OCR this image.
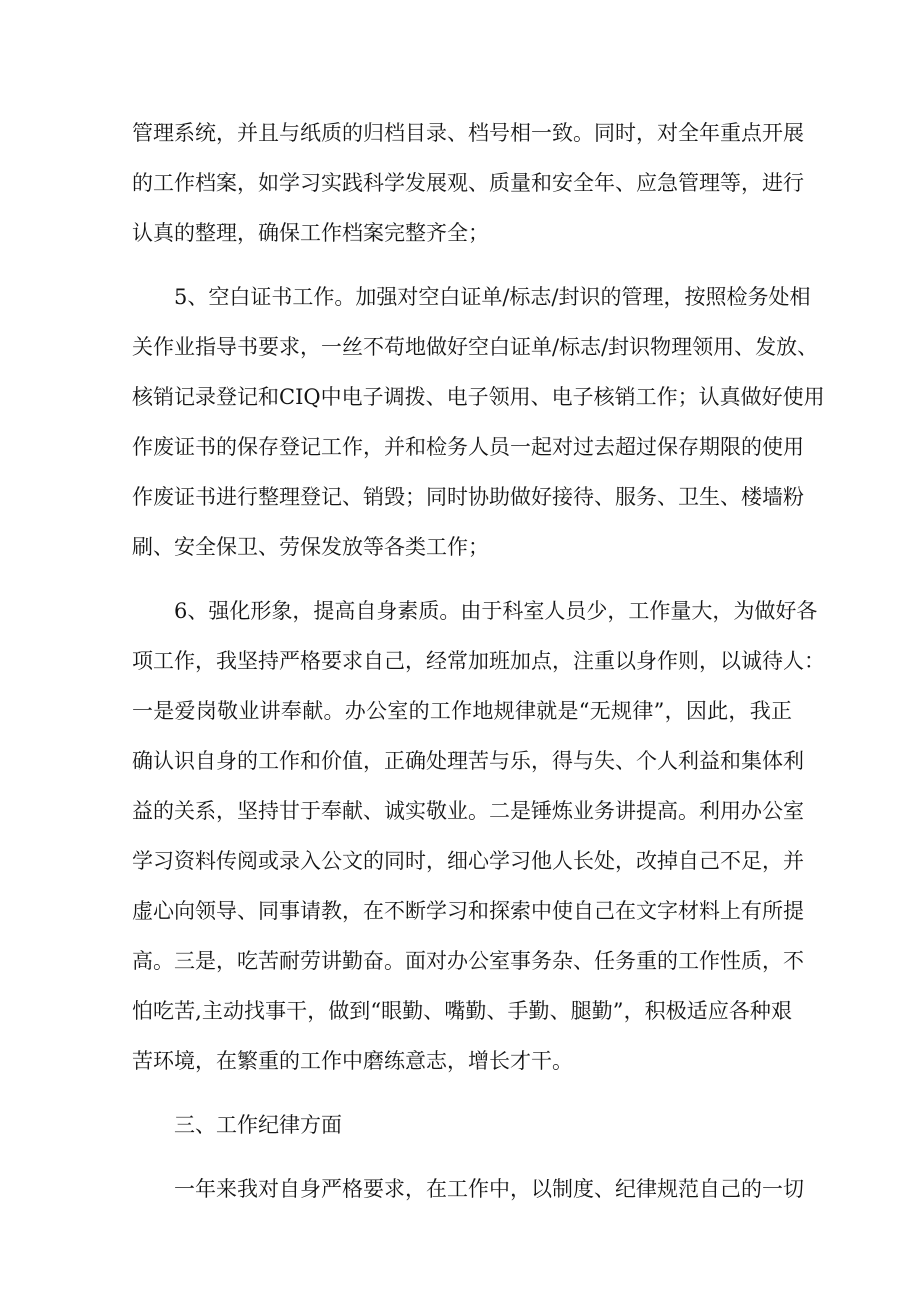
管理系统，并且与纸质的归档目录、档号相一致。同时，对全年重点开展
的工作档案，如学习实践科学发展观、质量和安全年、应急管理等，进行
认真的整理，确保工作档案完整齐全；
5、空白证书工作。加强对空白证单/标志/封识的管理，按照检务处相
关作业指导书要求，一丝不苟地做好空白证单/标志/封识物理领用、发放、
核销记录登记和CIQ中电子调拨、电子领用、电子核销工作；认真做好使用
作废证书的保存登记工作，并和检务人员一起对过去超过保存期限的使用
作废证书进行整理登记、销毁；同时协助做好接待、服务、卫生、楼墙粉
刷、安全保卫、劳保发放等各类工作；
6、强化形象，提高自身素质。由于科室人员少，工作量大，为做好各
项工作，我坚持严格要求自己，经常加班加点，注重以身作则，以诚待人：
一是爱岗敬业讲奉献。办公室的工作地规律就是“无规律”，因此，我正
确认识自身的工作和价值，正确处理苦与乐，得与失、个人利益和集体利
益的关系，坚持甘于奉献、诚实敬业。二是锤炼业务讲提高。利用办公室
学习资料传阅或录入公文的同时，细心学习他人长处，改掉自己不足，并
虚心向领导、同事请教，在不断学习和探索中使自己在文字材料上有所提
高。三是，吃苦耐劳讲勤奋。面对办公室事务杂、任务重的工作性质，不
怕吃苦,主动找事干，做到“眼勤、嘴勤、手勤、腿勤”，积极适应各种艰
苦环境，在繁重的工作中磨练意志，增长才干。
三、工作纪律方面
一年来我对自身严格要求，在工作中，以制度、纪律规范自己的一切
